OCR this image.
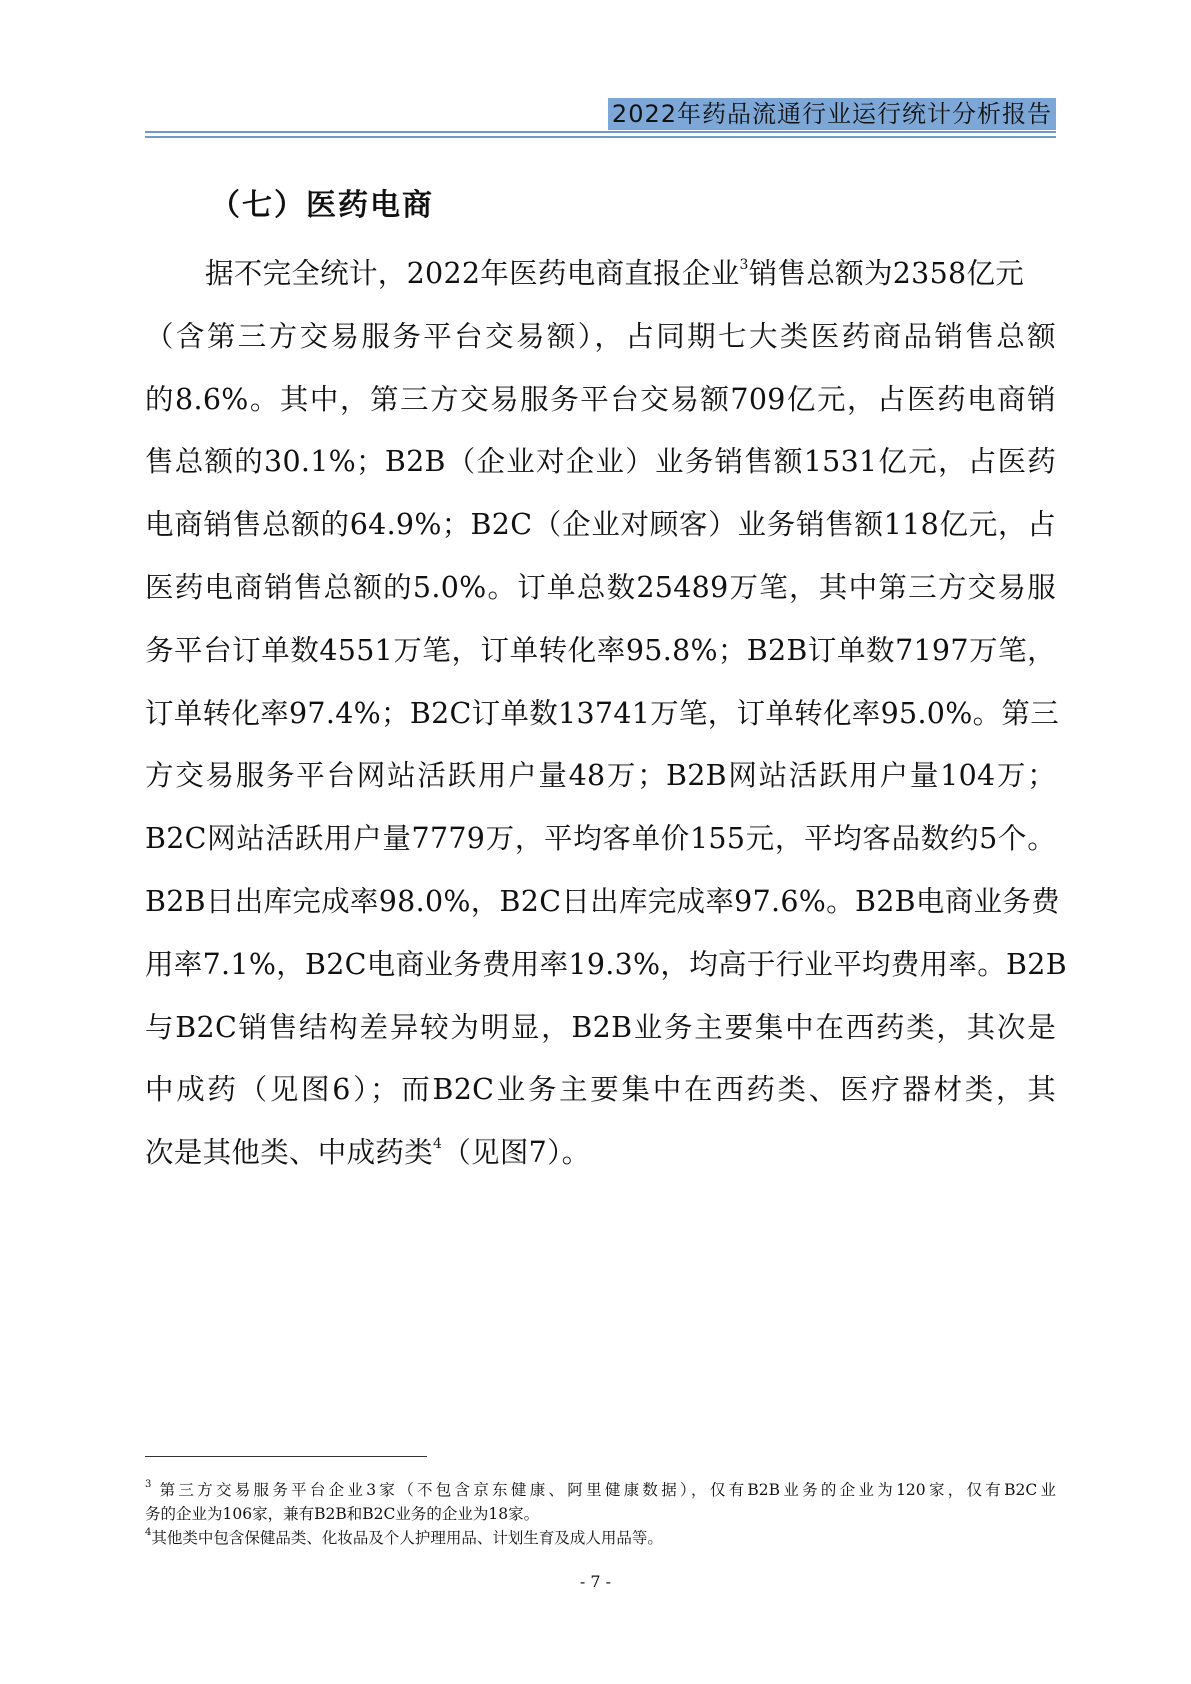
2022年药品流通行业运行统计分析报告
（七）医药电商
据不完全统计，2022年医药电商直报企业$^3$销售总额为2358亿元
（含第三方交易服务平台交易额），占同期七大类医药商品销售总额
的8.6%。其中，第三方交易服务平台交易额709亿元，占医药电商销
售总额的30.1%；B2B（企业对企业）业务销售额1531亿元，占医药
电商销售总额的64.9%；B2C（企业对顾客）业务销售额118亿元，占
医药电商销售总额的5.0%。订单总数25489万笔，其中第三方交易服
务平台订单数4551万笔，订单转化率95.8%；B2B订单数7197万笔，
订单转化率97.4%；B2C订单数13741万笔，订单转化率95.0%。第三
方交易服务平台网站活跃用户量48万；B2B网站活跃用户量104万；
B2C网站活跃用户量7779万，平均客单价155元，平均客品数约5个。
B2B日出库完成率98.0%，B2C日出库完成率97.6%。B2B电商业务费
用率7.1%，B2C电商业务费用率19.3%，均高于行业平均费用率。B2B
与B2C销售结构差异较为明显，B2B业务主要集中在西药类，其次是
中成药（见图6）；而B2C业务主要集中在西药类、医疗器材类，其
次是其他类、中成药类$^4$（见图7）。
$^3$ 第三方交易服务平台企业3家（不包含京东健康、阿里健康数据），仅有B2B业务的企业为120家，仅有B2C业
务的企业为106家，兼有B2B和B2C业务的企业为18家。
$^4$其他类中包含保健品类、化妆品及个人护理用品、计划生育及成人用品等。
- 7 -
